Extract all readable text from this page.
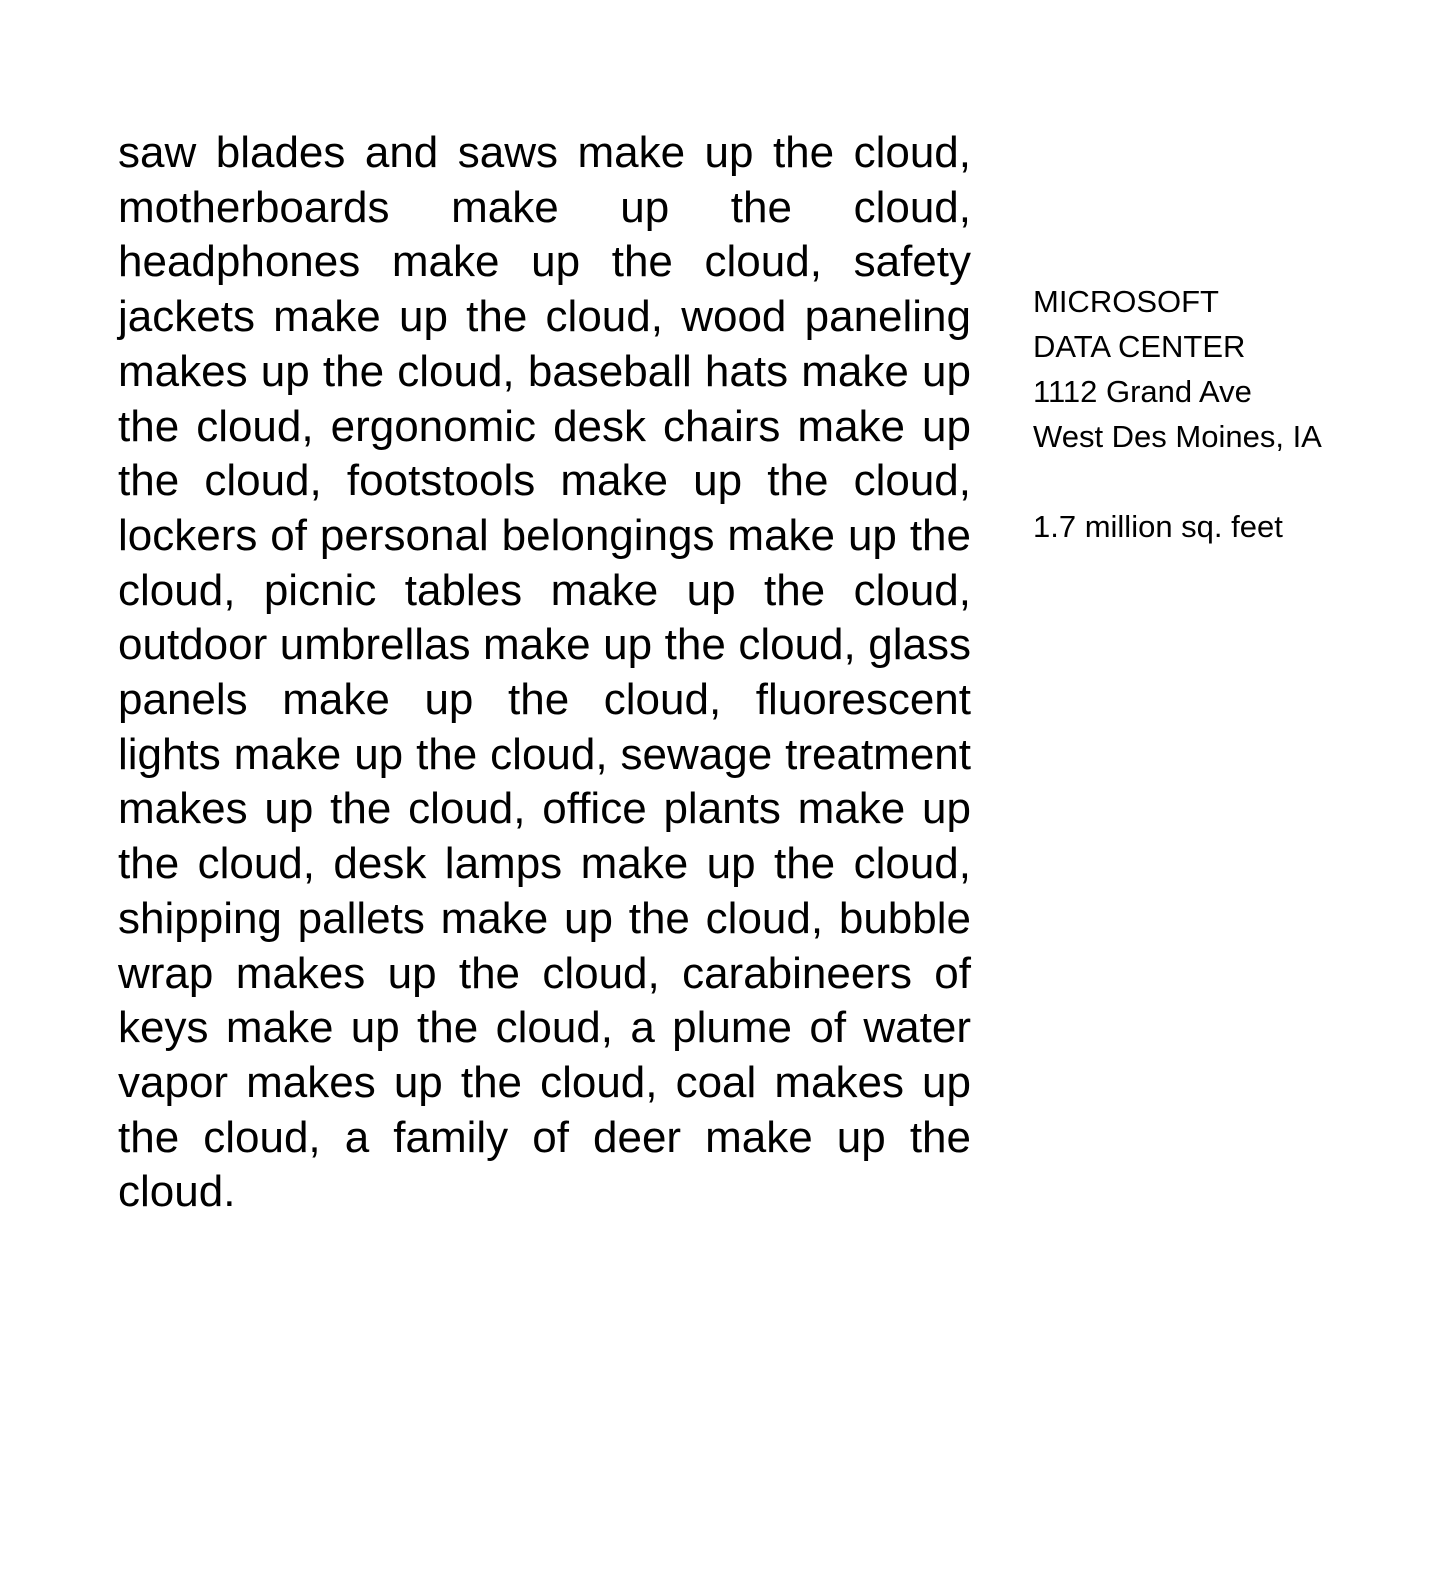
saw blades and saws make up the cloud, motherboards make up the cloud, headphones make up the cloud, safety jackets make up the cloud, wood paneling makes up the cloud, baseball hats make up the cloud, ergonomic desk chairs make up the cloud, footstools make up the cloud, lockers of personal belongings make up the cloud, picnic tables make up the cloud, outdoor umbrellas make up the cloud, glass panels make up the cloud, fluorescent lights make up the cloud, sewage treatment makes up the cloud, office plants make up the cloud, desk lamps make up the cloud, shipping pallets make up the cloud, bubble wrap makes up the cloud, carabineers of keys make up the cloud, a plume of water vapor makes up the cloud, coal makes up the cloud, a family of deer make up the cloud.

MICROSOFT
DATA CENTER
1112 Grand Ave
West Des Moines, IA
1.7 million sq. feet
